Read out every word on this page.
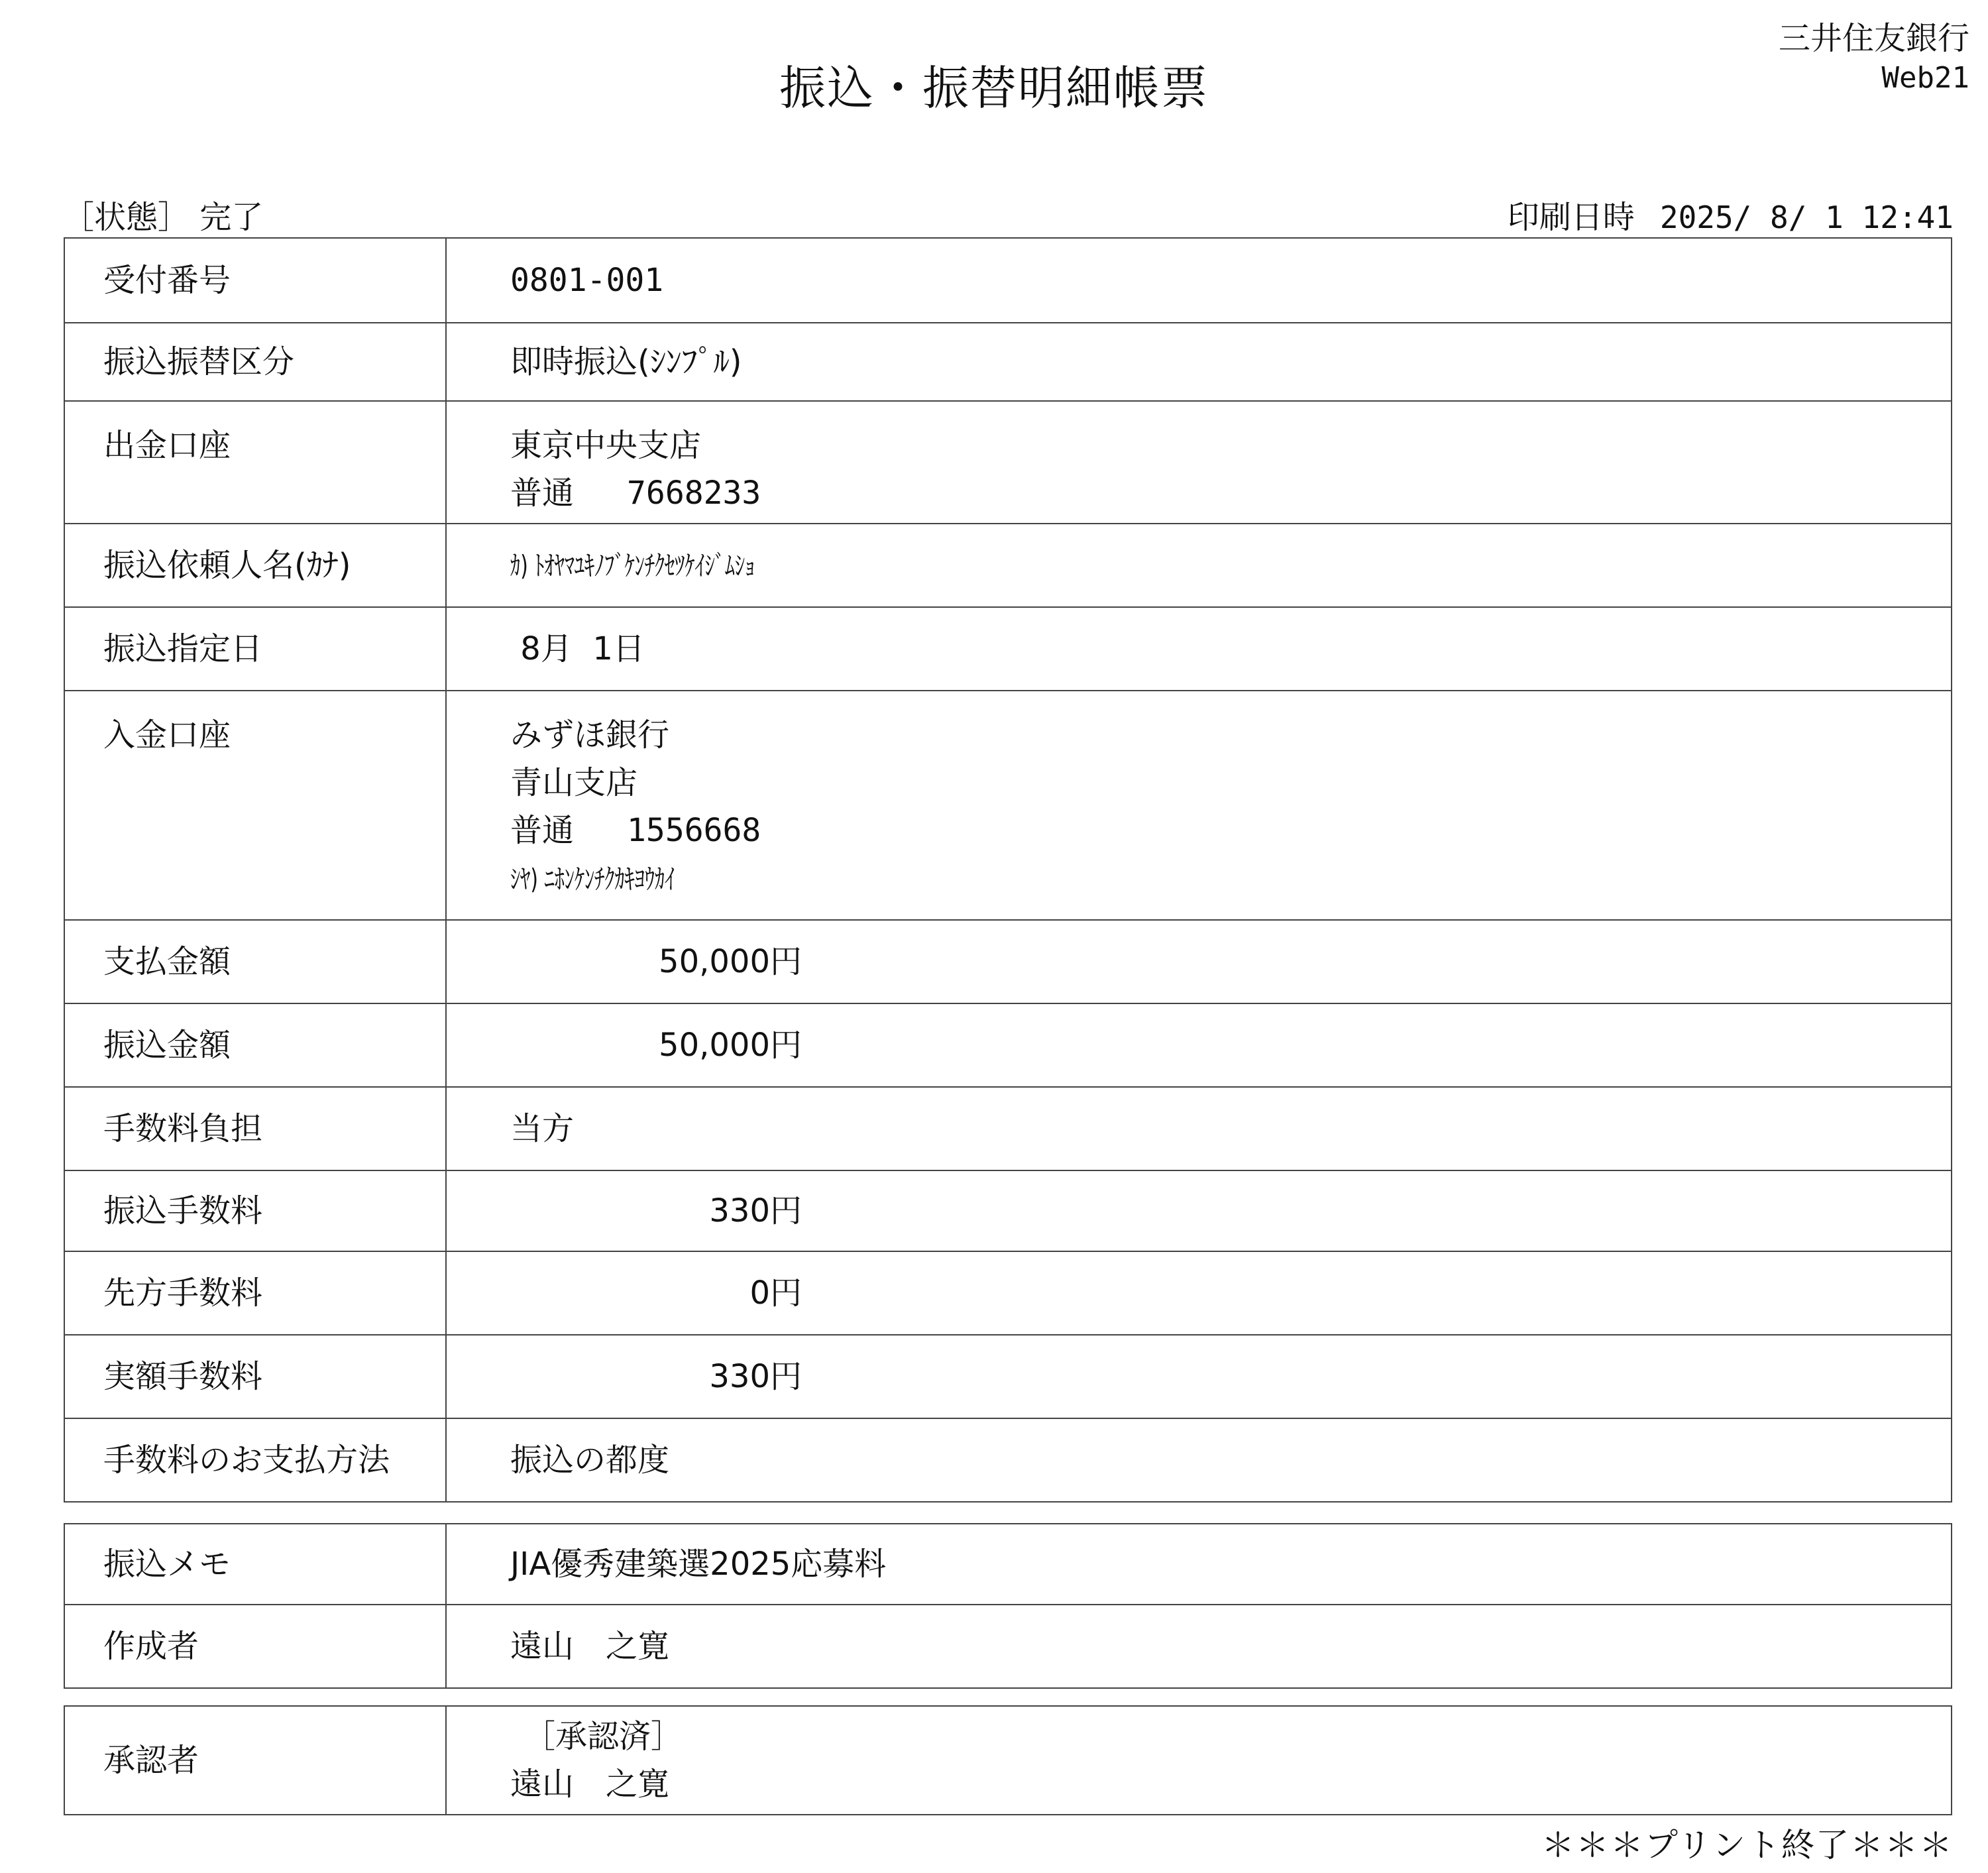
振込・振替明細帳票
三井住友銀行
Web21
［状態］ 完了	印刷日時 2025/ 8/ 1 12:41
受付番号	0801-001
振込振替区分	即時振込(ｼﾝﾌﾟﾙ)
出金口座	東京中央支店
普通 7668233

振込依頼人名(ｶﾅ)	ｶ) ﾄｵﾔﾏﾕｷﾉﾌﾞｹﾝﾁｸｾﾂｹｲｼﾞﾑｼｮ
振込指定日	8月  1日
入金口座	みずほ銀行
青山支店
普通 1556668
ｼﾔ) ﾆﾎﾝｹﾝﾁｸｶｷﾖｳｶｲ

支払金額	50,000円
振込金額	50,000円
手数料負担	当方
振込手数料	330円
先方手数料	0円
実額手数料	330円
手数料のお支払方法	振込の都度
振込メモ	JIA優秀建築選2025応募料
作成者	遠山　之寛
承認者	
［承認済］
遠山　之寛
＊＊＊プリント終了＊＊＊
